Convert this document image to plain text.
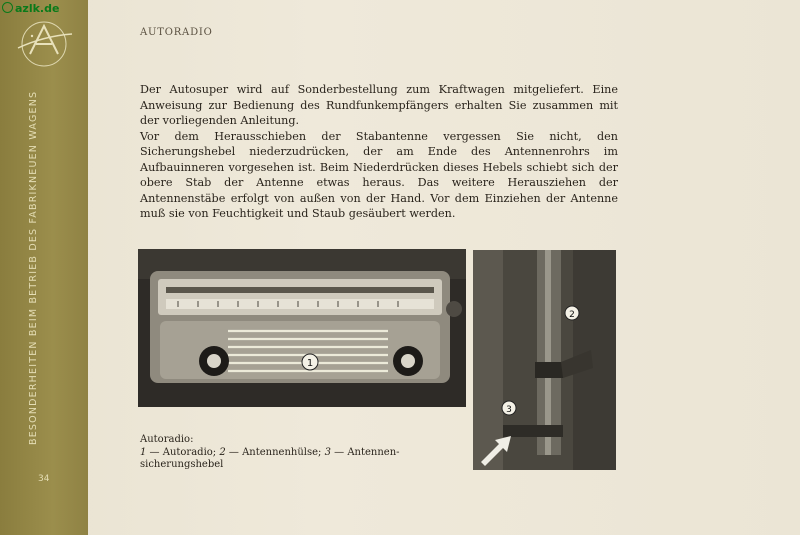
azlk.de
BESONDERHEITEN BEIM BETRIEB DES FABRIKNEUEN WAGENS
34
AUTORADIO

Der Autosuper wird auf Sonderbestellung zum Kraftwagen mitgeliefert. Eine Anweisung zur Bedienung des Rundfunkempfängers erhalten Sie zusammen mit der vorliegenden Anleitung.

Vor dem Herausschieben der Stabantenne vergessen Sie nicht, den Sicherungshebel niederzudrücken, der am Ende des Antennenrohrs im Aufbauinneren vorgesehen ist. Beim Niederdrücken dieses Hebels schiebt sich der obere Stab der Antenne etwas heraus. Das weitere Herausziehen der Antennenstäbe erfolgt von außen von der Hand. Vor dem Einziehen der Antenne muß sie von Feuchtigkeit und Staub gesäubert werden.

1
2
3
Autoradio:
1 — Autoradio; 2 — Antennenhülse; 3 — Antennen-sicherungshebel
